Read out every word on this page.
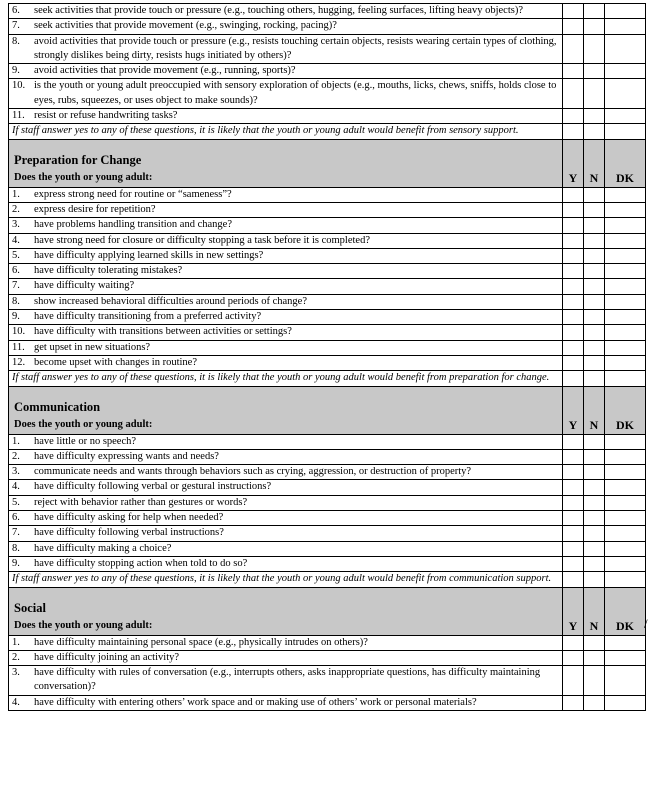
6. seek activities that provide touch or pressure (e.g., touching others, hugging, feeling surfaces, lifting heavy objects)?			

7. seek activities that provide movement (e.g., swinging, rocking, pacing)?			

8. avoid activities that provide touch or pressure (e.g., resists touching certain objects, resists wearing certain types of clothing, strongly dislikes being dirty, resists hugs initiated by others)?			

9. avoid activities that provide movement (e.g., running, sports)?			

10. is the youth or young adult preoccupied with sensory exploration of objects (e.g., mouths, licks, chews, sniffs, holds close to eyes, rubs, squeezes, or uses object to make sounds)?			

11. resist or refuse handwriting tasks?			

If staff answer yes to any of these questions, it is likely that the youth or young adult would benefit from sensory support.			

Preparation for Change
Does the youth or young adult:	Y	N	DK

1. express strong need for routine or “sameness”?			

2. express desire for repetition?			

3. have problems handling transition and change?			

4. have strong need for closure or difficulty stopping a task before it is completed?			

5. have difficulty applying learned skills in new settings?			

6. have difficulty tolerating mistakes?			

7. have difficulty waiting?			

8. show increased behavioral difficulties around periods of change?			

9. have difficulty transitioning from a preferred activity?			

10. have difficulty with transitions between activities or settings?			

11. get upset in new situations?			

12. become upset with changes in routine?			

If staff answer yes to any of these questions, it is likely that the youth or young adult would benefit from preparation for change.			

Communication
Does the youth or young adult:	Y	N	DK

1. have little or no speech?			

2. have difficulty expressing wants and needs?			

3. communicate needs and wants through behaviors such as crying, aggression, or destruction of property?			

4. have difficulty following verbal or gestural instructions?			

5. reject with behavior rather than gestures or words?			

6. have difficulty asking for help when needed?			

7. have difficulty following verbal instructions?			

8. have difficulty making a choice?			

9. have difficulty stopping action when told to do so?			

If staff answer yes to any of these questions, it is likely that the youth or young adult would benefit from communication support.			

Social
Does the youth or young adult:	Y	N	DK

1. have difficulty maintaining personal space (e.g., physically intrudes on others)?			

2. have difficulty joining an activity?			

3. have difficulty with rules of conversation (e.g., interrupts others, asks inappropriate questions, has difficulty maintaining conversation)?			

4. have difficulty with entering others’ work space and or making use of others’ work or personal materials?			

/
